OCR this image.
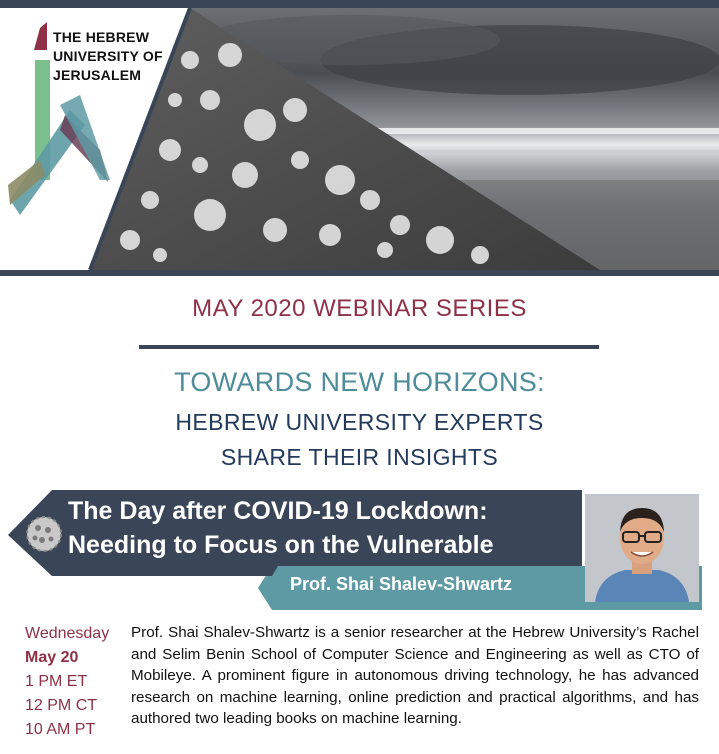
THE HEBREW
UNIVERSITY OF
JERUSALEM
MAY 2020 WEBINAR SERIES
TOWARDS NEW HORIZONS:
HEBREW UNIVERSITY EXPERTS
SHARE THEIR INSIGHTS
The Day after COVID-19 Lockdown:
Needing to Focus on the Vulnerable
Prof. Shai Shalev-Shwartz
Wednesday
May 20
1 PM ET
12 PM CT
10 AM PT
Prof. Shai Shalev-Shwartz is a senior researcher at the Hebrew University’s Rachel and Selim Benin School of Computer Science and Engineering as well as CTO of Mobileye. A prominent figure in autonomous driving technology, he has advanced research on machine learning, online prediction and practical algorithms, and has authored two leading books on machine learning.
